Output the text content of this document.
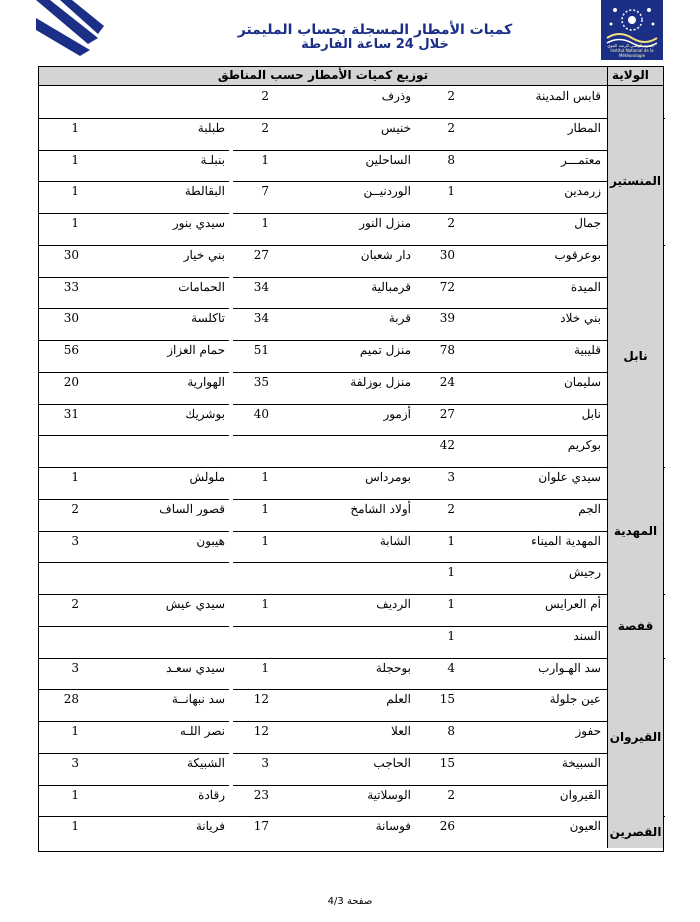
المعهد الوطني للرصد الجوي · Institut National de la Météorologie
كميات الأمطار المسجلة بحساب المليمتر
خلال 24 ساعة الفارطة
توزيع كميات الأمطار حسب المناطق	الولاية
قابس المدينة
2
وذرف
2
المطار
2
خنيس
2
طبلبة
1
معتمـــر
8
الساحلين
1
بنبلـة
1
زرمدين
1
الوردنيــن
7
البقالطة
1
جمال
2
منزل النور
1
سيدي بنور
1
المنستير
بوعرقوب
30
دار شعبان
27
بني خيار
30
الميدة
72
قرمبالية
34
الحمامات
33
بني خلاد
39
قربة
34
تاكلسة
30
قليبية
78
منزل تميم
51
حمام الغزاز
56
سليمان
24
منزل بوزلفة
35
الهوارية
20
نابل
27
أزمور
40
بوشريك
31
بوكريم
42
نابل
سيدي علوان
3
بومرداس
1
ملولش
1
الجم
2
أولاد الشامخ
1
قصور الساف
2
المهدية الميناء
1
الشابة
1
هيبون
3
رجيش
1
المهدية
أم العرايس
1
الرديف
1
سيدي عيش
2
السند
1
قفصة
سد الهـوارب
4
بوحجلة
1
سيدي سعـد
3
عين جلولة
15
العلم
12
سد نبهانــة
28
حفوز
8
العلا
12
نصر اللـه
1
السبيخة
15
الحاجب
3
الشبيكة
3
القيروان
2
الوسلاتية
23
رقادة
1
القيروان
العيون
26
فوسانة
17
فريانة
1	القصرين
صفحة 4/3
